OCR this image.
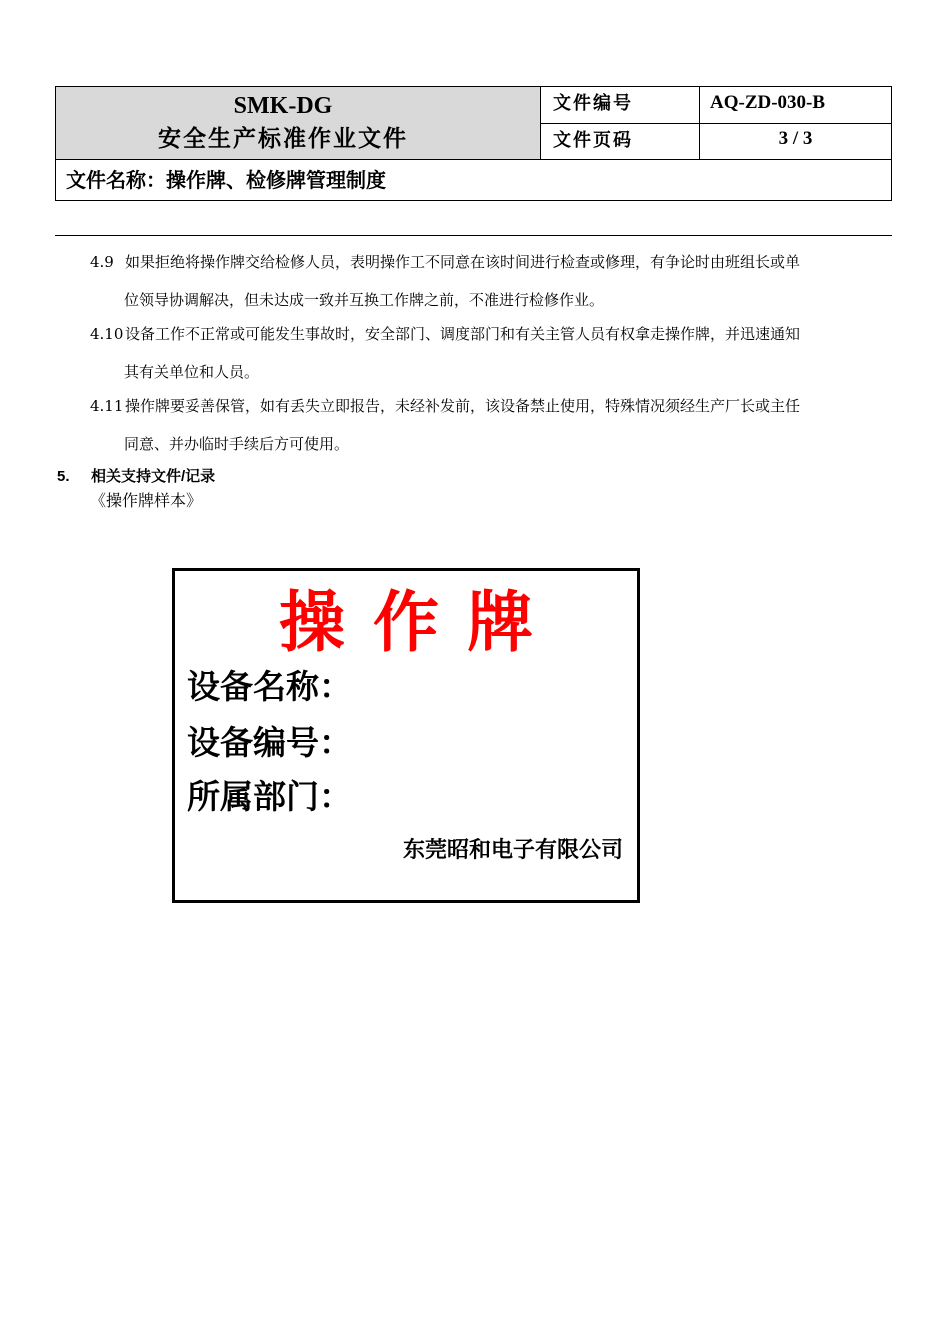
SMK-DG
安全生产标准作业文件
文件编号	AQ-ZD-030-B
文件页码	3 / 3
文件名称：操作牌、检修牌管理制度
4.9 如果拒绝将操作牌交给检修人员，表明操作工不同意在该时间进行检查或修理，有争论时由班组长或单
位领导协调解决，但未达成一致并互换工作牌之前，不准进行检修作业。
4.10 设备工作不正常或可能发生事故时，安全部门、调度部门和有关主管人员有权拿走操作牌，并迅速通知
其有关单位和人员。
4.11 操作牌要妥善保管，如有丢失立即报告，未经补发前，该设备禁止使用，特殊情况须经生产厂长或主任
同意、并办临时手续后方可使用。
5. 相关支持文件/记录
《操作牌样本》
操作牌
设备名称：
设备编号：
所属部门：
东莞昭和电子有限公司
